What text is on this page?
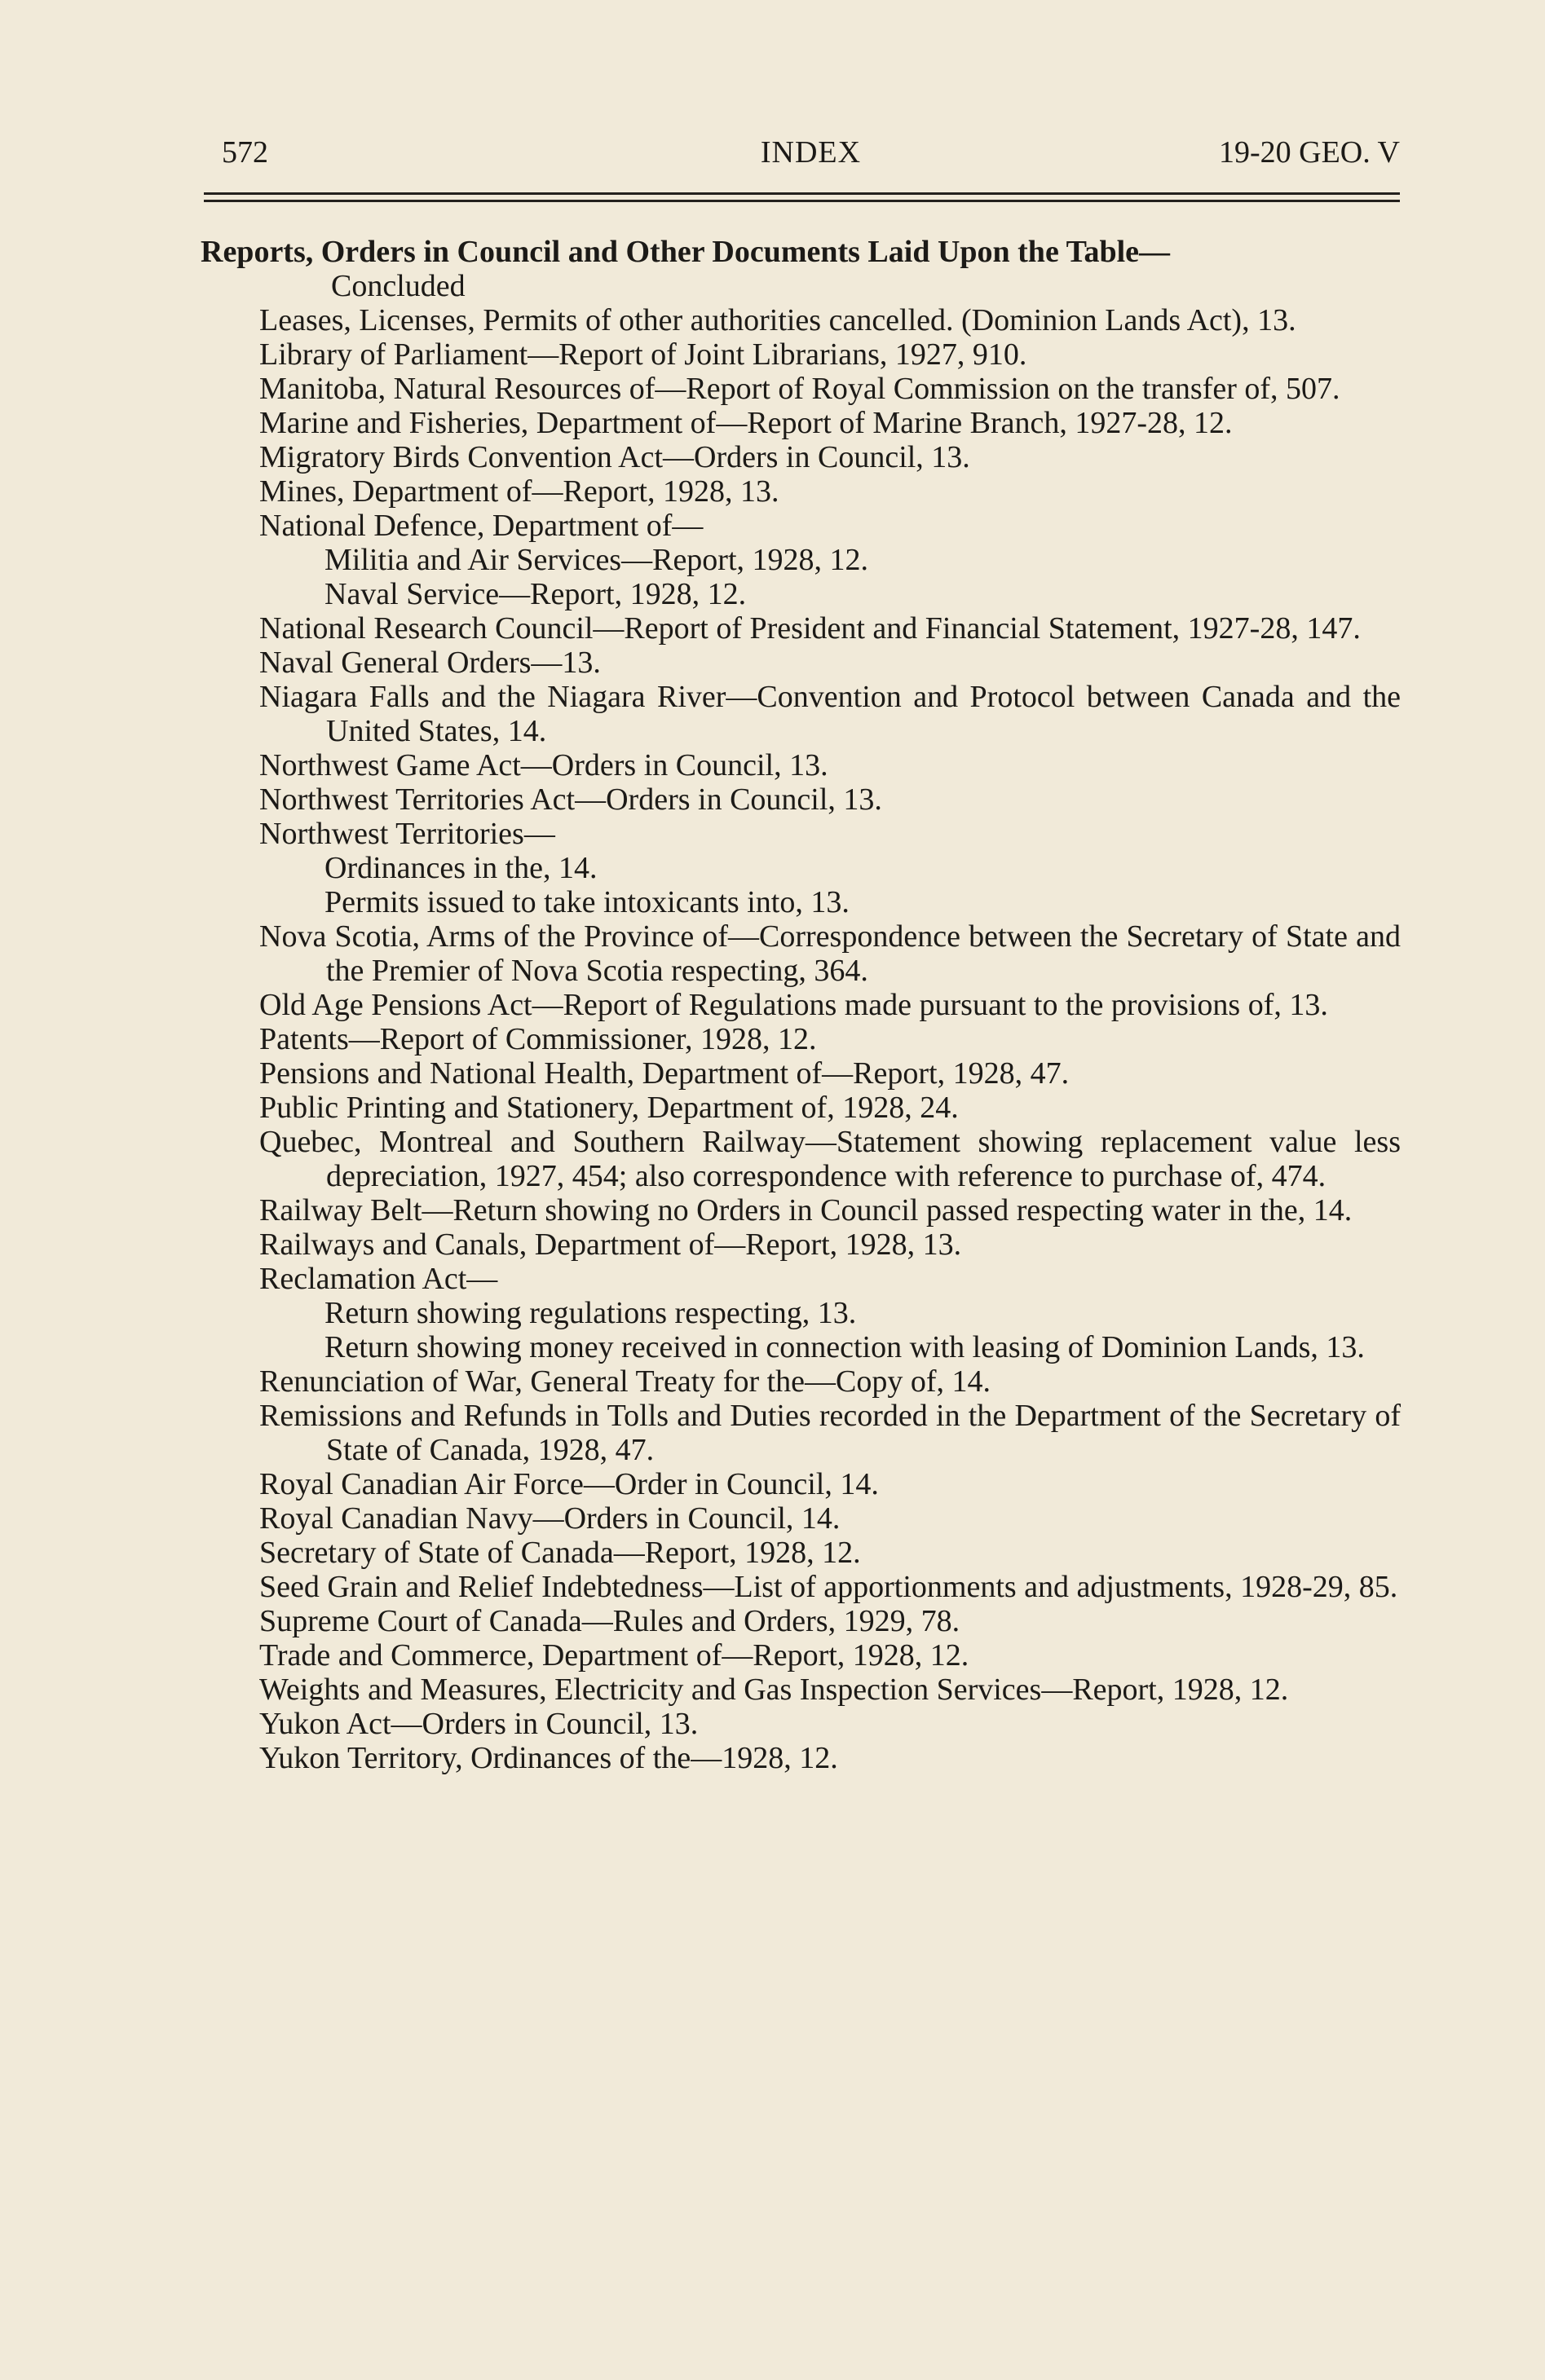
572	INDEX	19-20 GEO. V
Reports, Orders in Council and Other Documents Laid Upon the Table—
Concluded
Leases, Licenses, Permits of other authorities cancelled. (Dominion Lands Act), 13.
Library of Parliament—Report of Joint Librarians, 1927, 910.
Manitoba, Natural Resources of—Report of Royal Commission on the transfer of, 507.
Marine and Fisheries, Department of—Report of Marine Branch, 1927-28, 12.
Migratory Birds Convention Act—Orders in Council, 13.
Mines, Department of—Report, 1928, 13.
National Defence, Department of—
Militia and Air Services—Report, 1928, 12.
Naval Service—Report, 1928, 12.
National Research Council—Report of President and Financial Statement, 1927-28, 147.
Naval General Orders—13.
Niagara Falls and the Niagara River—Convention and Protocol between Canada and the United States, 14.
Northwest Game Act—Orders in Council, 13.
Northwest Territories Act—Orders in Council, 13.
Northwest Territories—
Ordinances in the, 14.
Permits issued to take intoxicants into, 13.
Nova Scotia, Arms of the Province of—Correspondence between the Secretary of State and the Premier of Nova Scotia respecting, 364.
Old Age Pensions Act—Report of Regulations made pursuant to the provisions of, 13.
Patents—Report of Commissioner, 1928, 12.
Pensions and National Health, Department of—Report, 1928, 47.
Public Printing and Stationery, Department of, 1928, 24.
Quebec, Montreal and Southern Railway—Statement showing replacement value less depreciation, 1927, 454; also correspondence with reference to purchase of, 474.
Railway Belt—Return showing no Orders in Council passed respecting water in the, 14.
Railways and Canals, Department of—Report, 1928, 13.
Reclamation Act—
Return showing regulations respecting, 13.
Return showing money received in connection with leasing of Dominion Lands, 13.
Renunciation of War, General Treaty for the—Copy of, 14.
Remissions and Refunds in Tolls and Duties recorded in the Department of the Secretary of State of Canada, 1928, 47.
Royal Canadian Air Force—Order in Council, 14.
Royal Canadian Navy—Orders in Council, 14.
Secretary of State of Canada—Report, 1928, 12.
Seed Grain and Relief Indebtedness—List of apportionments and adjustments, 1928-29, 85.
Supreme Court of Canada—Rules and Orders, 1929, 78.
Trade and Commerce, Department of—Report, 1928, 12.
Weights and Measures, Electricity and Gas Inspection Services—Report, 1928, 12.
Yukon Act—Orders in Council, 13.
Yukon Territory, Ordinances of the—1928, 12.
